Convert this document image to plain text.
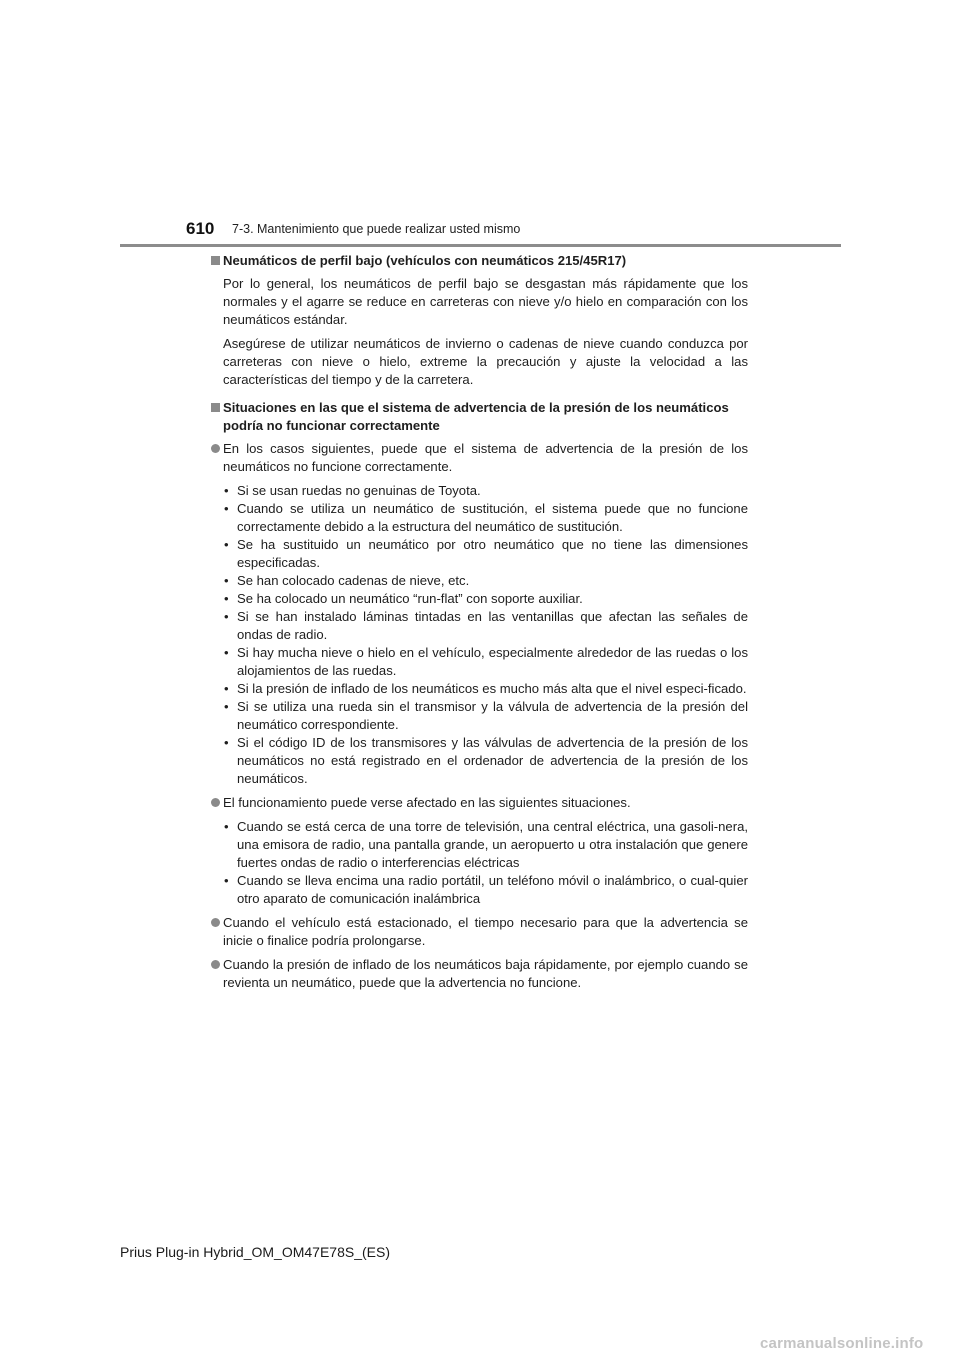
610 7-3. Mantenimiento que puede realizar usted mismo
Neumáticos de perfil bajo (vehículos con neumáticos 215/45R17)

Por lo general, los neumáticos de perfil bajo se desgastan más rápidamente que los normales y el agarre se reduce en carreteras con nieve y/o hielo en comparación con los neumáticos estándar.

Asegúrese de utilizar neumáticos de invierno o cadenas de nieve cuando conduzca por carreteras con nieve o hielo, extreme la precaución y ajuste la velocidad a las características del tiempo y de la carretera.

Situaciones en las que el sistema de advertencia de la presión de los neumáticos podría no funcionar correctamente
En los casos siguientes, puede que el sistema de advertencia de la presión de los neumáticos no funcione correctamente.
• Si se usan ruedas no genuinas de Toyota.
• Cuando se utiliza un neumático de sustitución, el sistema puede que no funcione correctamente debido a la estructura del neumático de sustitución.
• Se ha sustituido un neumático por otro neumático que no tiene las dimensiones especificadas.
• Se han colocado cadenas de nieve, etc.
• Se ha colocado un neumático “run-flat” con soporte auxiliar.
• Si se han instalado láminas tintadas en las ventanillas que afectan las señales de ondas de radio.
• Si hay mucha nieve o hielo en el vehículo, especialmente alrededor de las ruedas o los alojamientos de las ruedas.
• Si la presión de inflado de los neumáticos es mucho más alta que el nivel especi-ficado.
• Si se utiliza una rueda sin el transmisor y la válvula de advertencia de la presión del neumático correspondiente.
• Si el código ID de los transmisores y las válvulas de advertencia de la presión de los neumáticos no está registrado en el ordenador de advertencia de la presión de los neumáticos.
El funcionamiento puede verse afectado en las siguientes situaciones.
• Cuando se está cerca de una torre de televisión, una central eléctrica, una gasoli-nera, una emisora de radio, una pantalla grande, un aeropuerto u otra instalación que genere fuertes ondas de radio o interferencias eléctricas
• Cuando se lleva encima una radio portátil, un teléfono móvil o inalámbrico, o cual-quier otro aparato de comunicación inalámbrica
Cuando el vehículo está estacionado, el tiempo necesario para que la advertencia se inicie o finalice podría prolongarse.
Cuando la presión de inflado de los neumáticos baja rápidamente, por ejemplo cuando se revienta un neumático, puede que la advertencia no funcione.
Prius Plug-in Hybrid_OM_OM47E78S_(ES)
carmanualsonline.info
